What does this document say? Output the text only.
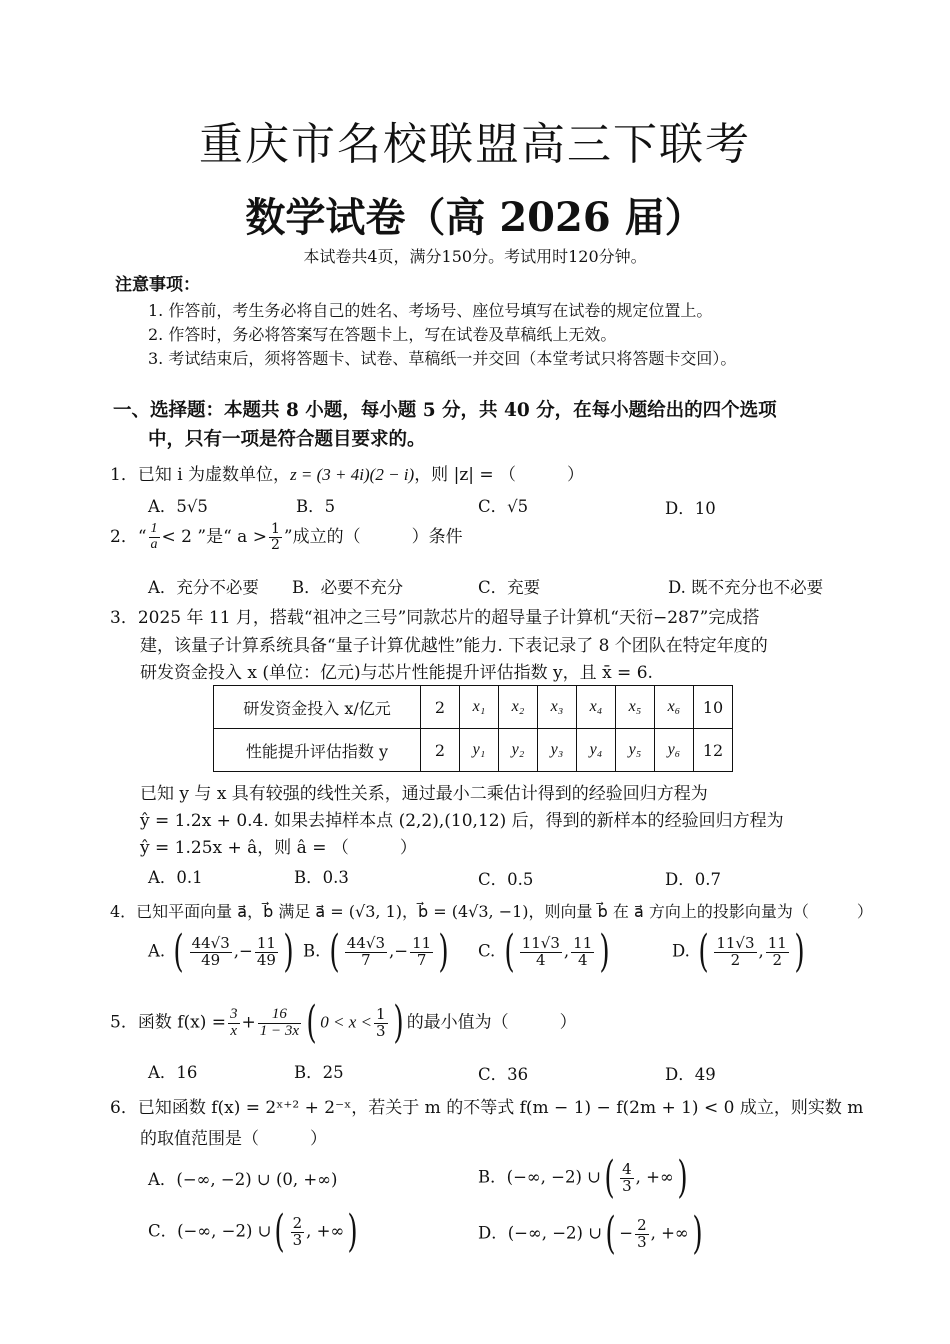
重庆市名校联盟高三下联考
数学试卷（高 2026 届）
本试卷共4页，满分150分。考试用时120分钟。
注意事项：
1. 作答前，考生务必将自己的姓名、考场号、座位号填写在试卷的规定位置上。
2. 作答时，务必将答案写在答题卡上，写在试卷及草稿纸上无效。
3. 考试结束后，须将答题卡、试卷、草稿纸一并交回（本堂考试只将答题卡交回）。
一、选择题：本题共 8 小题，每小题 5 分，共 40 分，在每小题给出的四个选项
中，只有一项是符合题目要求的。
1．已知 i 为虚数单位，z = (3 + 4i)(2 − i)，则 |z| = （　　　）
A．5√5	B．5	C．√5	D．10
2．“ $\frac{1}{a} < 2$ ”是“ $a > \frac{1}{2}$ ”成立的（　　　）条件
A．充分不必要 B．必要不充分	C．充要	D. 既不充分也不必要
3．2025 年 11 月，搭载“祖冲之三号”同款芯片的超导量子计算机“天衍−287”完成搭
建，该量子计算系统具备“量子计算优越性”能力. 下表记录了 8 个团队在特定年度的
研发资金投入 x (单位：亿元)与芯片性能提升评估指数 y，且 x̄ = 6.
研发资金投入 x/亿元	2	x₁	x₂	x₃	x₄	x₅	x₆	10
性能提升评估指数 y	2	y₁	y₂	y₃	y₄	y₅	y₆	12
已知 y 与 x 具有较强的线性关系，通过最小二乘估计得到的经验回归方程为
ŷ = 1.2x + 0.4. 如果去掉样本点 (2,2),(10,12) 后，得到的新样本的经验回归方程为
ŷ = 1.25x + â，则 â = （　　　）
A．0.1	B．0.3	C．0.5	D．0.7
4．已知平面向量 a⃗，b⃗ 满足 a⃗ = (√3, 1)，b⃗ = (4√3, −1)，则向量 b⃗ 在 a⃗ 方向上的投影向量为（　　　）
A. ( $\frac{44√3}{49}$ ,− $\frac{11}{49}$ ) B. ( $\frac{44√3}{7}$ ,− $\frac{11}{7}$ ) C. ( $\frac{11√3}{4}$ , $\frac{11}{4}$ )	D. ( $\frac{11√3}{2}$ , $\frac{11}{2}$ )
5．函数 $f(x) = \frac{3}{x} + \frac{16}{1 - 3x}$ ( $0 < x < \frac{1}{3}$ ) 的最小值为（　　　）
A．16	B．25	C．36	D．49
6．已知函数 f(x) = 2ˣ⁺² + 2⁻ˣ，若关于 m 的不等式 f(m − 1) − f(2m + 1) < 0 成立，则实数 m
的取值范围是（　　　）
A．(−∞, −2) ∪ (0, +∞)	B．(−∞, −2) ∪( $\frac{4}{3}$ , +∞)
C．(−∞, −2) ∪( $\frac{2}{3}$ , +∞)	D．(−∞, −2) ∪( − $\frac{2}{3}$ , +∞)
